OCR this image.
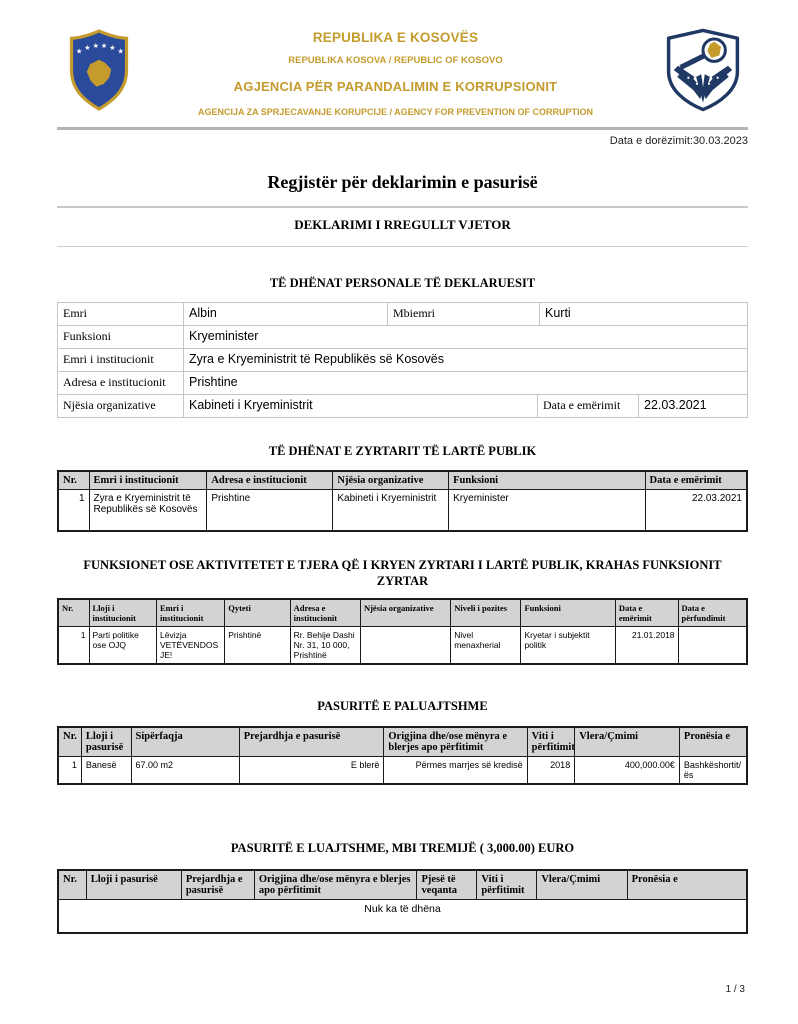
★ ★ ★ ★ ★ ★
REPUBLIKA E KOSOVËS
REPUBLIKA KOSOVA / REPUBLIC OF KOSOVO
AGJENCIA PËR PARANDALIMIN E KORRUPSIONIT
AGENCIJA ZA SPRJECAVANJE KORUPCIJE / AGENCY FOR PREVENTION OF CORRUPTION
Data e dorëzimit:30.03.2023
Regjistër për deklarimin e pasurisë
DEKLARIMI I RREGULLT VJETOR
TË DHËNAT PERSONALE TË DEKLARUESIT
Emri	Albin	Mbiemri	Kurti
Funksioni	Kryeminister
Emri i institucionit	Zyra e Kryeministrit të Republikës së Kosovës
Adresa e institucionit	Prishtine
Njësia organizative	Kabineti i Kryeministrit	Data e emërimit	22.03.2021
TË DHËNAT E ZYRTARIT TË LARTË PUBLIK
Nr.	Emri i institucionit	Adresa e institucionit	Njësia organizative	Funksioni	Data e emërimit
1	Zyra e Kryeministrit të Republikës së Kosovës	Prishtine	Kabineti i Kryeministrit	Kryeminister	22.03.2021
FUNKSIONET OSE AKTIVITETET E TJERA QË I KRYEN ZYRTARI I LARTË PUBLIK, KRAHAS FUNKSIONIT ZYRTAR
Nr.	Lloji i institucionit	Emri i institucionit	Qyteti	Adresa e institucionit	Njësia organizative	Niveli i pozites	Funksioni	Data e emërimit	Data e përfundimit
1	Parti politike ose OJQ	Lëvizja VETËVENDOSJE!	Prishtinë	Rr. Behije Dashi Nr. 31, 10 000, Prishtinë		Nivel menaxherial	Kryetar i subjektit politik	21.01.2018	
PASURITË E PALUAJTSHME
Nr.	Lloji i pasurisë	Sipërfaqja	Prejardhja e pasurisë	Origjina dhe/ose mënyra e blerjes apo përfitimit	Viti i përfitimit	Vlera/Çmimi	Pronësia e
1	Banesë	67.00 m2	E blerë	Përmes marrjes së kredisë	2018	400,000.00€	Bashkëshortit/ës
PASURITË E LUAJTSHME, MBI TREMIJË ( 3,000.00) EURO
Nr.	Lloji i pasurisë	Prejardhja e pasurisë	Origjina dhe/ose mënyra e blerjes apo përfitimit	Pjesë të veqanta	Viti i përfitimit	Vlera/Çmimi	Pronësia e
Nuk ka të dhëna
1 / 3
